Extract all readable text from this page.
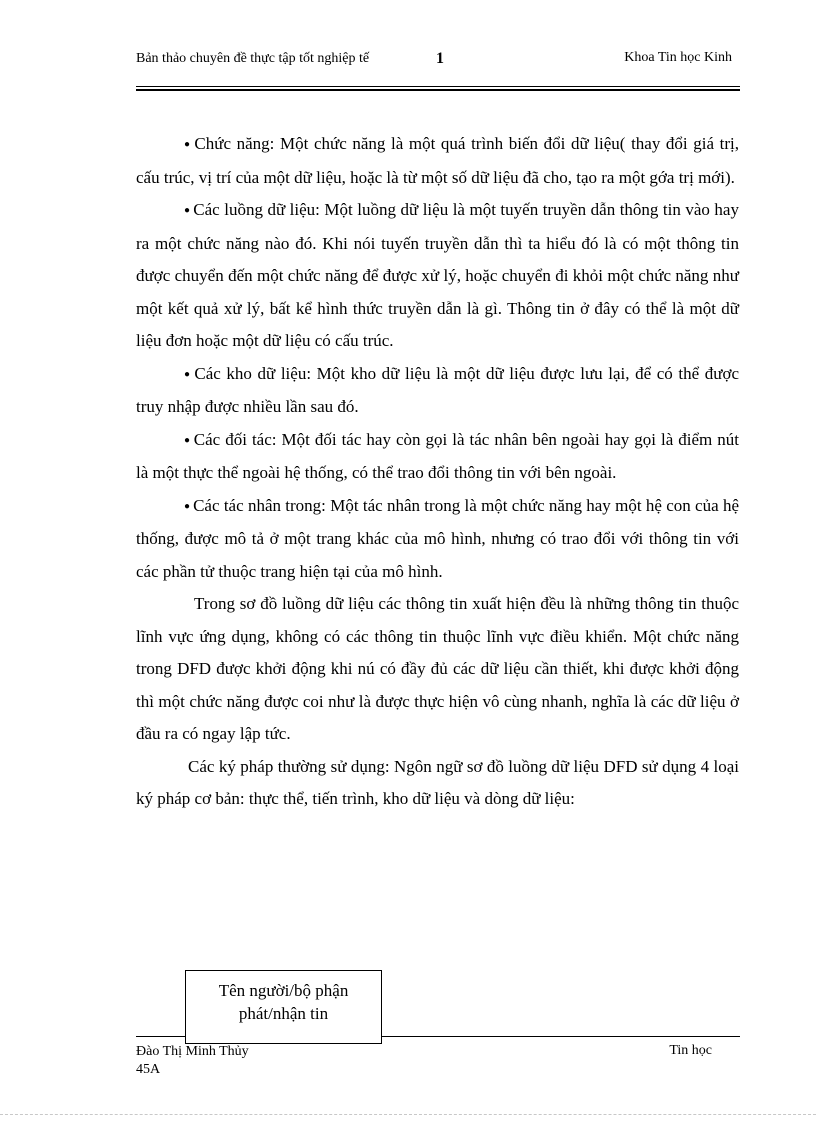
Bản thảo chuyên đề thực tập tốt nghiệp tế	1	Khoa Tin học Kinh

● Chức năng: Một chức năng là một quá trình biến đổi dữ liệu( thay đổi giá trị, cấu trúc, vị trí của một dữ liệu, hoặc là từ một số dữ liệu đã cho, tạo ra một gớa trị mới).

● Các luồng dữ liệu: Một luồng dữ liệu là một tuyến truyền dẫn thông tin vào hay ra một chức năng nào đó. Khi nói tuyến truyền dẫn thì ta hiểu đó là có một thông tin được chuyển đến một chức năng để được xử lý, hoặc chuyển đi khỏi một chức năng như một kết quả xử lý, bất kể hình thức truyền dẫn là gì. Thông tin ở đây có thể là một dữ liệu đơn hoặc một dữ liệu có cấu trúc.

● Các kho dữ liệu: Một kho dữ liệu là một dữ liệu được lưu lại, để có thể được truy nhập được nhiều lần sau đó.

● Các đối tác: Một đối tác hay còn gọi là tác nhân bên ngoài hay gọi là điểm nút là một thực thể ngoài hệ thống, có thể trao đổi thông tin với bên ngoài.

● Các tác nhân trong: Một tác nhân trong là một chức năng hay một hệ con của hệ thống, được mô tả ở một trang khác của mô hình, nhưng có trao đổi với thông tin với các phần tử thuộc trang hiện tại của mô hình.

Trong sơ đồ luồng dữ liệu các thông tin xuất hiện đều là những thông tin thuộc lĩnh vực ứng dụng, không có các thông tin thuộc lĩnh vực điều khiển. Một chức năng trong DFD được khởi động khi nú có đầy đủ các dữ liệu cần thiết, khi được khởi động thì một chức năng được coi như là được thực hiện vô cùng nhanh, nghĩa là các dữ liệu ở đầu ra có ngay lập tức.

Các ký pháp thường sử dụng: Ngôn ngữ sơ đồ luồng dữ liệu DFD sử dụng 4 loại ký pháp cơ bản: thực thể, tiến trình, kho dữ liệu và dòng dữ liệu:

Tên người/bộ phận
phát/nhận tin
Đào Thị Minh Thủy
45A
Tin học
